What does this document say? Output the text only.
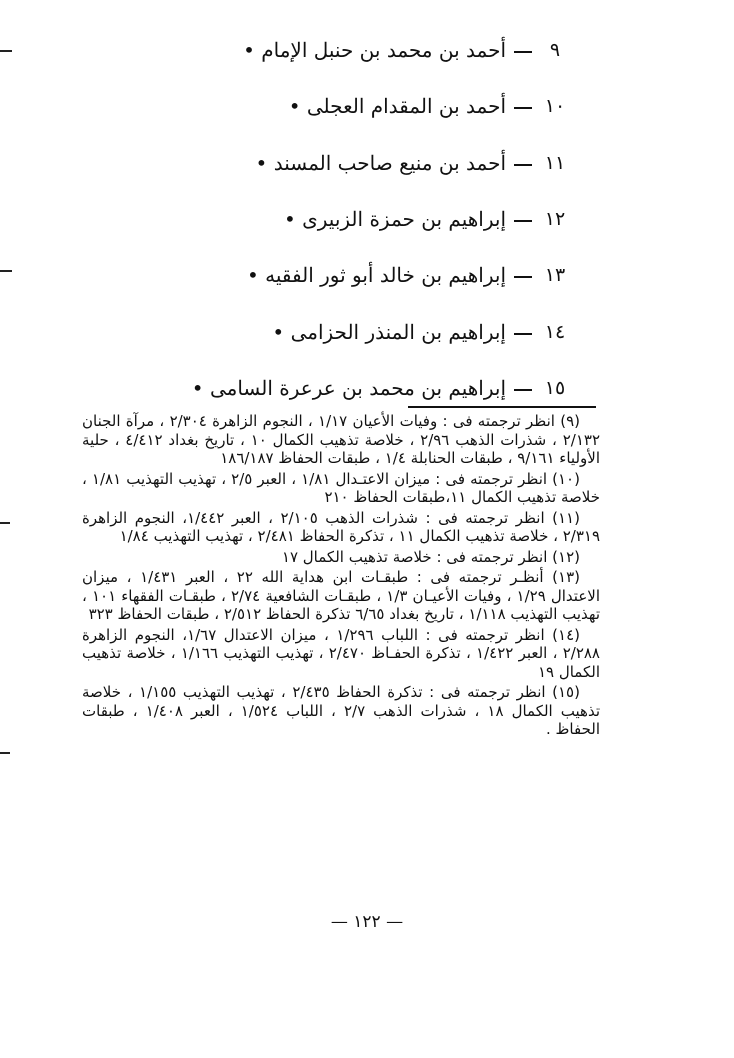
٩
أحمد بن محمد بن حنبل الإمام •
١٠
أحمد بن المقدام العجلى •
١١
أحمد بن منيع صاحب المسند •
١٢
إبراهيم بن حمزة الزبيرى •
١٣
إبراهيم بن خالد أبو ثور الفقيه •
١٤
إبراهيم بن المنذر الحزامى •
١٥
إبراهيم بن محمد بن عرعرة السامى •

(٩) انظر ترجمته فى : وفيات الأعيان ١/١٧ ، النجوم الزاهرة ٢/٣٠٤ ، مرآة الجنان ٢/١٣٢ ، شذرات الذهب ٢/٩٦ ، خلاصة تذهيب الكمال ١٠ ، تاريخ بغداد ٤/٤١٢ ، حلية الأولياء ٩/١٦١ ، طبقات الحنابلة ١/٤ ، طبقات الحفاظ ١٨٦/١٨٧

(١٠) انظر ترجمته فى : ميزان الاعتـدال ١/٨١ ، العبر ٢/٥ ، تهذيب التهذيب ١/٨١ ، خلاصة تذهيب الكمال ١١،طبقات الحفاظ ٢١٠

(١١) انظر ترجمته فى : شذرات الذهب ٢/١٠٥ ، العبر ١/٤٤٢، النجوم الزاهرة ٢/٣١٩ ، خلاصة تذهيب الكمال ١١ ، تذكرة الحفاظ ٢/٤٨١ ، تهذيب التهذيب ١/٨٤

(١٢) انظر ترجمته فى : خلاصة تذهيب الكمال ١٧

(١٣) أنظـر ترجمته فى : طبقـات ابن هداية الله ٢٢ ، العبر ١/٤٣١ ، ميزان الاعتدال ١/٢٩ ، وفيات الأعيـان ١/٣ ، طبقـات الشافعية ٢/٧٤ ، طبقـات الفقهاء ١٠١ ، تهذيب التهذيب ١/١١٨ ، تاريخ بغداد ٦/٦٥ تذكرة الحفاظ ٢/٥١٢ ، طبقات الحفاظ ٣٢٣

(١٤) انظر ترجمته فى : اللباب ١/٢٩٦ ، ميزان الاعتدال ١/٦٧، النجوم الزاهرة ٢/٢٨٨ ، العبر ١/٤٢٢ ، تذكرة الحفـاظ ٢/٤٧٠ ، تهذيب التهذيب ١/١٦٦ ، خلاصة تذهيب الكمال ١٩

(١٥) انظر ترجمته فى : تذكرة الحفاظ ٢/٤٣٥ ، تهذيب التهذيب ١/١٥٥ ، خلاصة تذهيب الكمال ١٨ ، شذرات الذهب ٢/٧ ، اللباب ١/٥٢٤ ، العبر ١/٤٠٨ ، طبقات الحفاظ .

— ١٢٢ —
